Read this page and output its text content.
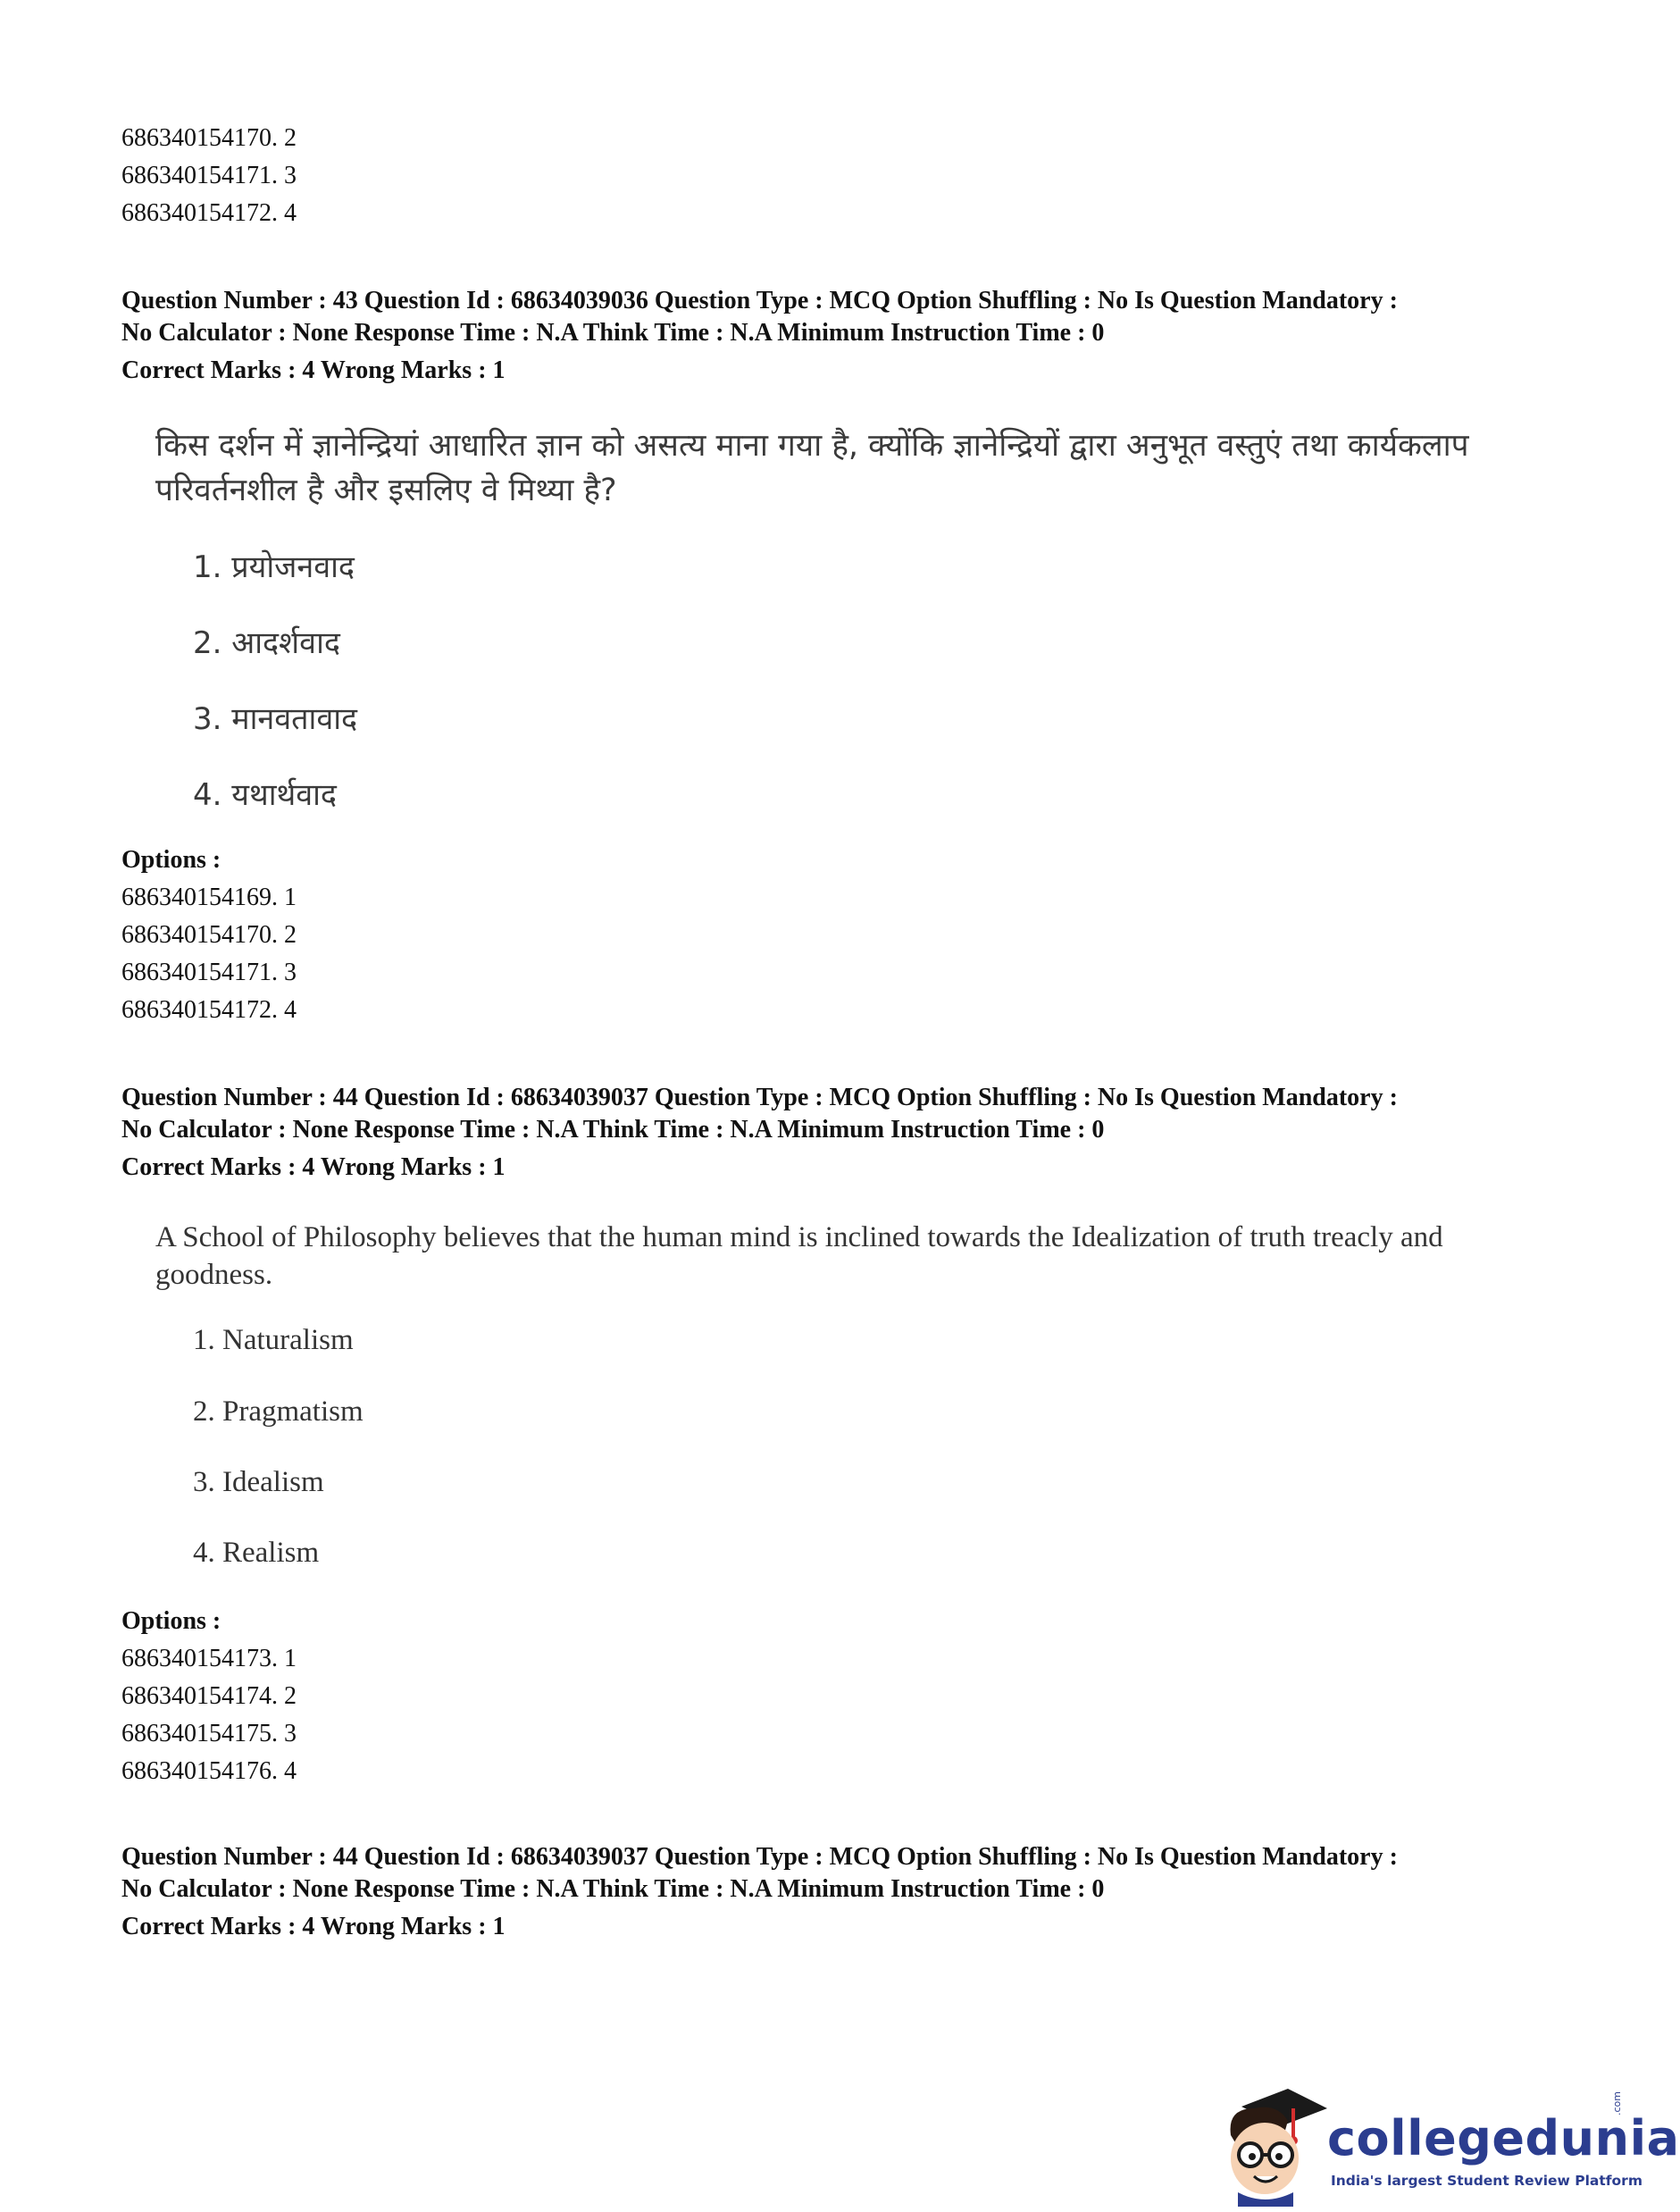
686340154170. 2
686340154171. 3
686340154172. 4
Question Number : 43 Question Id : 68634039036 Question Type : MCQ Option Shuffling : No Is Question Mandatory :
No Calculator : None Response Time : N.A Think Time : N.A Minimum Instruction Time : 0
Correct Marks : 4 Wrong Marks : 1
किस दर्शन में ज्ञानेन्द्रियां आधारित ज्ञान को असत्य माना गया है, क्योंकि ज्ञानेन्द्रियों द्वारा अनुभूत वस्तुएं तथा कार्यकलाप परिवर्तनशील है और इसलिए वे मिथ्या है?
1. प्रयोजनवाद
2. आदर्शवाद
3. मानवतावाद
4. यथार्थवाद
Options :
686340154169. 1
686340154170. 2
686340154171. 3
686340154172. 4
Question Number : 44 Question Id : 68634039037 Question Type : MCQ Option Shuffling : No Is Question Mandatory :
No Calculator : None Response Time : N.A Think Time : N.A Minimum Instruction Time : 0
Correct Marks : 4 Wrong Marks : 1
A School of Philosophy believes that the human mind is inclined towards the Idealization of truth treacly and goodness.
1. Naturalism
2. Pragmatism
3. Idealism
4. Realism
Options :
686340154173. 1
686340154174. 2
686340154175. 3
686340154176. 4
Question Number : 44 Question Id : 68634039037 Question Type : MCQ Option Shuffling : No Is Question Mandatory :
No Calculator : None Response Time : N.A Think Time : N.A Minimum Instruction Time : 0
Correct Marks : 4 Wrong Marks : 1
collegedunia
.com
India's largest Student Review Platform
